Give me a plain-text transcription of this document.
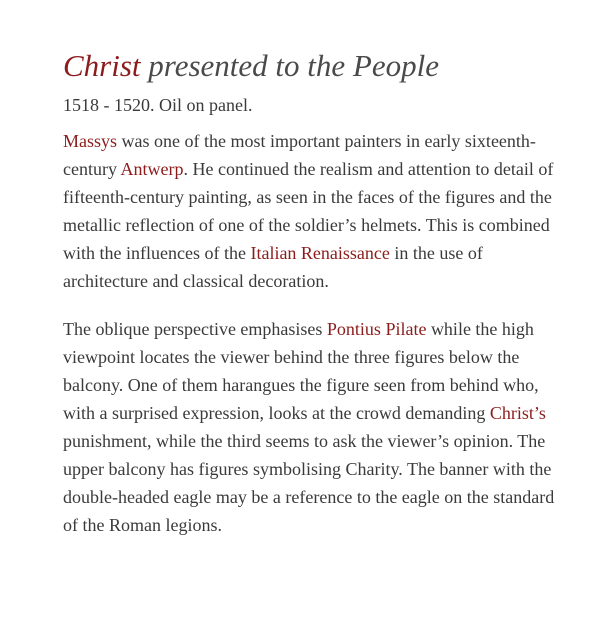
Christ presented to the People

1518 - 1520. Oil on panel.

Massys was one of the most important painters in early sixteenth-century Antwerp. He continued the realism and attention to detail of fifteenth-century painting, as seen in the faces of the figures and the metallic reflection of one of the soldier’s helmets. This is combined with the influences of the Italian Renaissance in the use of architecture and classical decoration.

The oblique perspective emphasises Pontius Pilate while the high viewpoint locates the viewer behind the three figures below the balcony. One of them harangues the figure seen from behind who, with a surprised expression, looks at the crowd demanding Christ’s punishment, while the third seems to ask the viewer’s opinion. The upper balcony has figures symbolising Charity. The banner with the double-headed eagle may be a reference to the eagle on the standard of the Roman legions.
